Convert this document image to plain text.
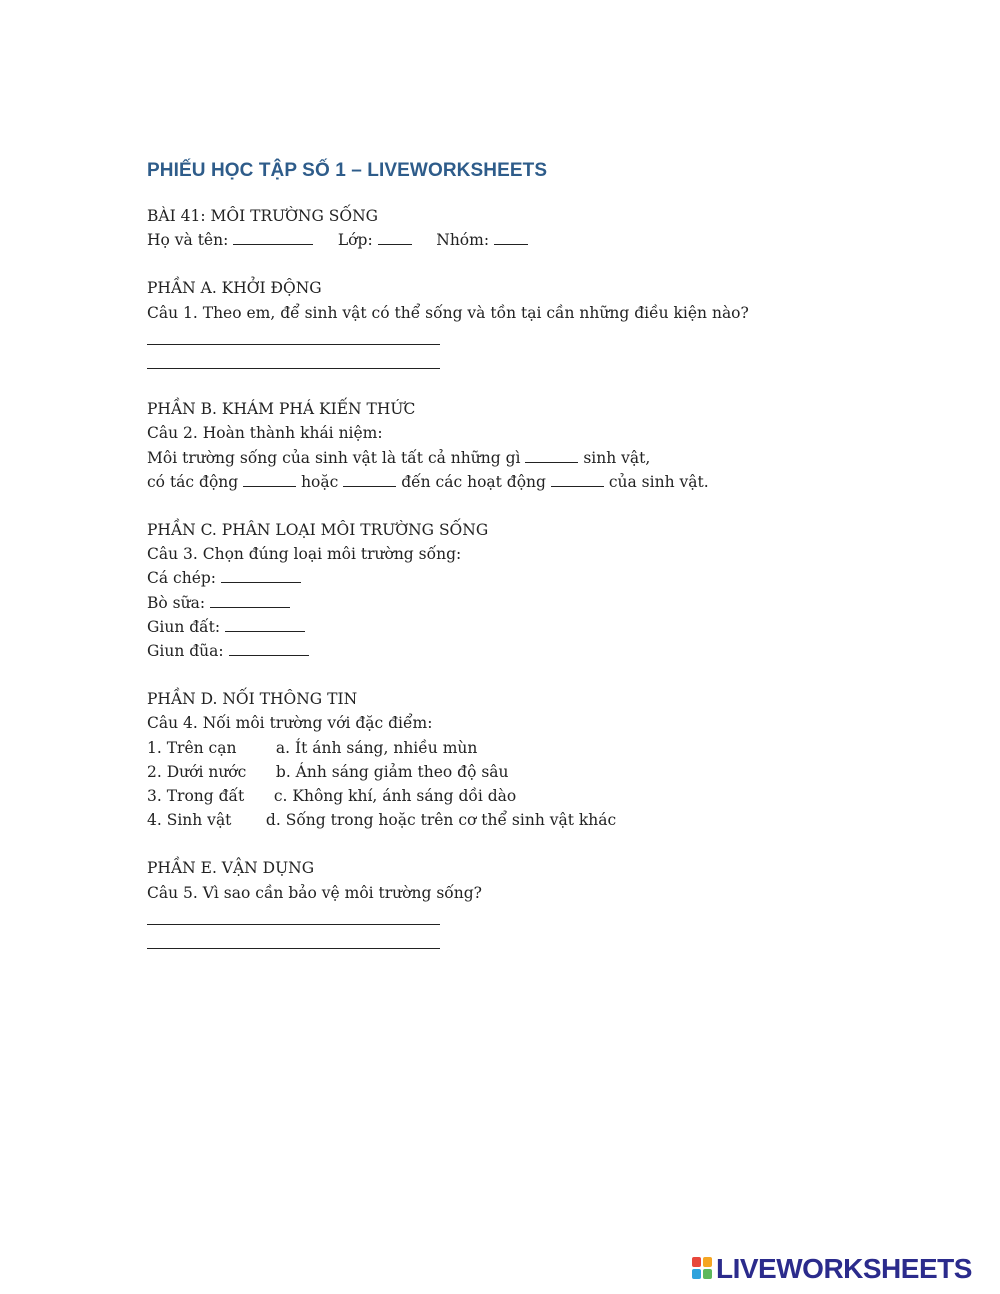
PHIẾU HỌC TẬP SỐ 1 – LIVEWORKSHEETS
BÀI 41: MÔI TRƯỜNG SỐNG
Họ và tên:	Lớp:	Nhóm:
PHẦN A. KHỞI ĐỘNG
Câu 1. Theo em, để sinh vật có thể sống và tồn tại cần những điều kiện nào?
PHẦN B. KHÁM PHÁ KIẾN THỨC
Câu 2. Hoàn thành khái niệm:
Môi trường sống của sinh vật là tất cả những gì	sinh vật,
có tác động	hoặc	đến các hoạt động	của sinh vật.
PHẦN C. PHÂN LOẠI MÔI TRƯỜNG SỐNG
Câu 3. Chọn đúng loại môi trường sống:
Cá chép:
Bò sữa:
Giun đất:
Giun đũa:
PHẦN D. NỐI THÔNG TIN
Câu 4. Nối môi trường với đặc điểm:
1. Trên cạn	a. Ít ánh sáng, nhiều mùn
2. Dưới nước b. Ánh sáng giảm theo độ sâu
3. Trong đất c. Không khí, ánh sáng dồi dào
4. Sinh vật d. Sống trong hoặc trên cơ thể sinh vật khác
PHẦN E. VẬN DỤNG
Câu 5. Vì sao cần bảo vệ môi trường sống?
LIVEWORKSHEETS
